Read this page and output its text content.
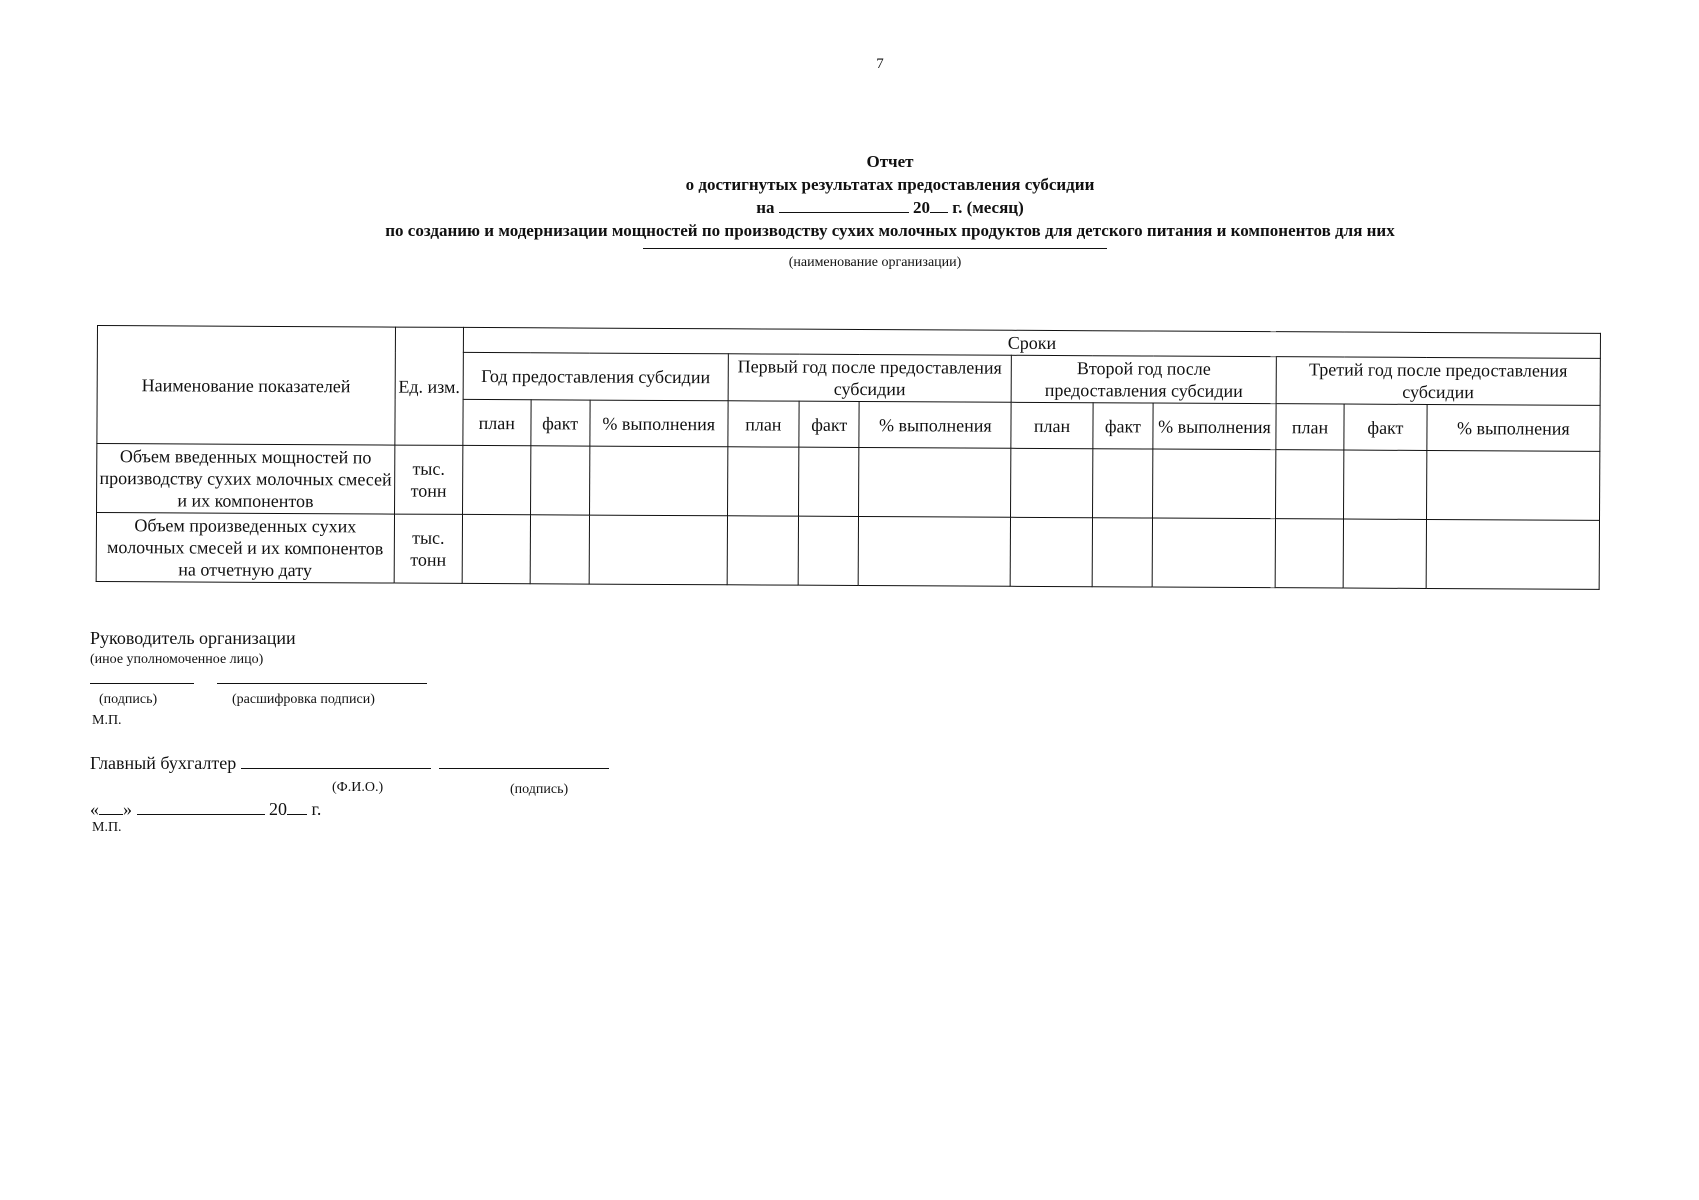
7
Отчет
о достигнутых результатах предоставления субсидии
на	20 г. (месяц)
по созданию и модернизации мощностей по производству сухих молочных продуктов для детского питания и компонентов для них
(наименование организации)
Наименование показателей	Ед. изм.	Сроки											
		Год предоставления субсидии			Первый год после предоставления субсидии			Второй год после предоставления субсидии			Третий год после предоставления субсидии		
		план	факт	% выполнения	план	факт	% выполнения	план	факт	% выполнения	план	факт	% выполнения
Объем введенных мощностей по производству сухих молочных смесей и их компонентов	тыс. тонн												
Объем произведенных сухих молочных смесей и их компонентов на отчетную дату	тыс. тонн												
Руководитель организации
(иное уполномоченное лицо)
(подпись)	(расшифровка подписи)
М.П.
Главный бухгалтер
(Ф.И.О.)	(подпись)
« »	20 г.
М.П.
